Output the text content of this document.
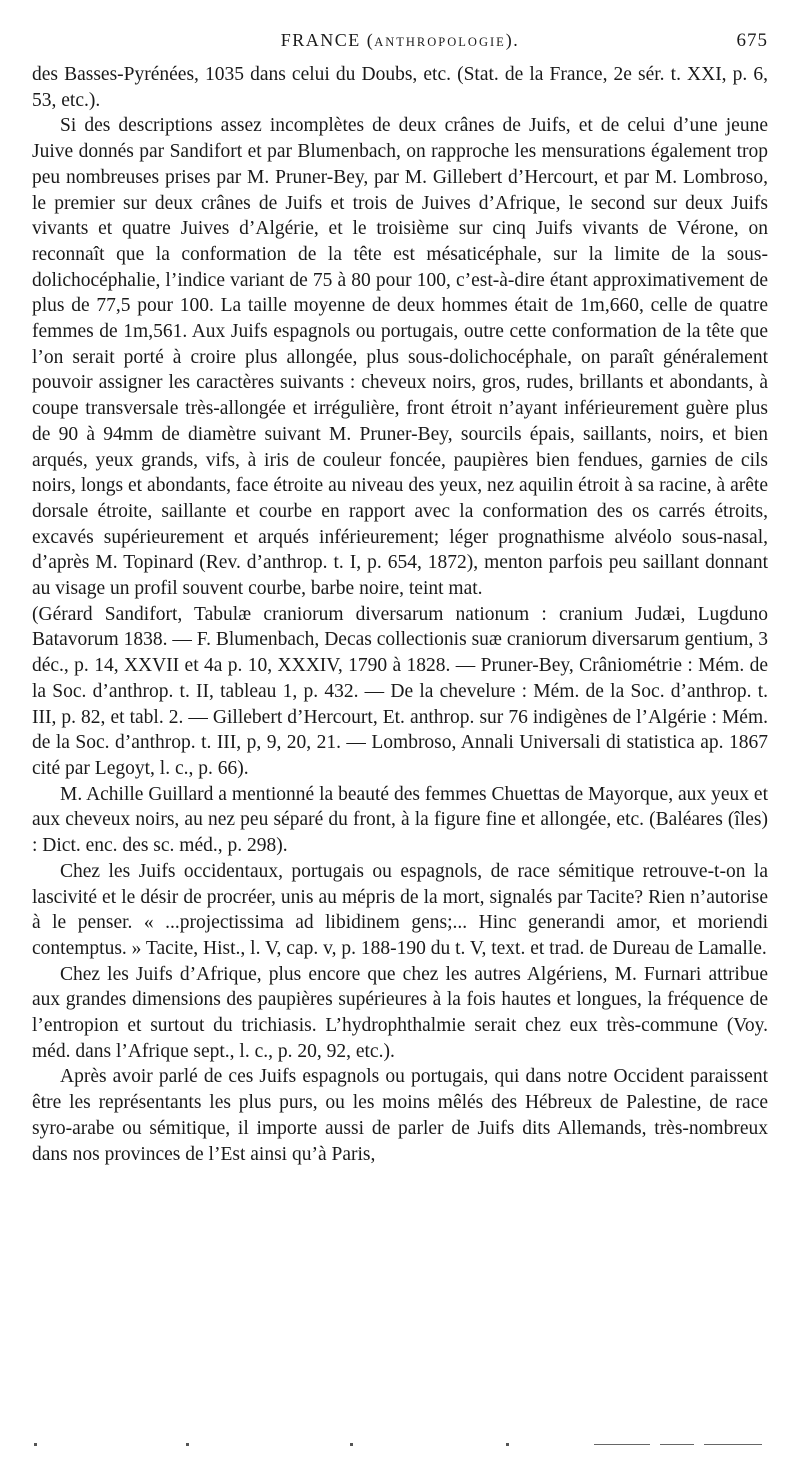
FRANCE (ANTHROPOLOGIE).	675

des Basses-Pyrénées, 1035 dans celui du Doubs, etc. (Stat. de la France, 2e sér. t. XXI, p. 6, 53, etc.).

Si des descriptions assez incomplètes de deux crânes de Juifs, et de celui d’une jeune Juive donnés par Sandifort et par Blumenbach, on rapproche les mensurations également trop peu nombreuses prises par M. Pruner-Bey, par M. Gillebert d’Hercourt, et par M. Lombroso, le premier sur deux crânes de Juifs et trois de Juives d’Afrique, le second sur deux Juifs vivants et quatre Juives d’Algérie, et le troisième sur cinq Juifs vivants de Vérone, on reconnaît que la conformation de la tête est mésaticéphale, sur la limite de la sous-dolichocéphalie, l’indice variant de 75 à 80 pour 100, c’est-à-dire étant approximativement de plus de 77,5 pour 100. La taille moyenne de deux hommes était de 1m,660, celle de quatre femmes de 1m,561. Aux Juifs espagnols ou portugais, outre cette conformation de la tête que l’on serait porté à croire plus allongée, plus sous-dolichocéphale, on paraît généralement pouvoir assigner les caractères suivants : cheveux noirs, gros, rudes, brillants et abondants, à coupe transversale très-allongée et irrégulière, front étroit n’ayant inférieurement guère plus de 90 à 94mm de diamètre suivant M. Pruner-Bey, sourcils épais, saillants, noirs, et bien arqués, yeux grands, vifs, à iris de couleur foncée, paupières bien fendues, garnies de cils noirs, longs et abondants, face étroite au niveau des yeux, nez aquilin étroit à sa racine, à arête dorsale étroite, saillante et courbe en rapport avec la conformation des os carrés étroits, excavés supérieurement et arqués inférieurement; léger prognathisme alvéolo sous-nasal, d’après M. Topinard (Rev. d’anthrop. t. I, p. 654, 1872), menton parfois peu saillant donnant au visage un profil souvent courbe, barbe noire, teint mat.

(Gérard Sandifort, Tabulæ craniorum diversarum nationum : cranium Judæi, Lugduno Batavorum 1838. — F. Blumenbach, Decas collectionis suæ craniorum diversarum gentium, 3 déc., p. 14, XXVII et 4a p. 10, XXXIV, 1790 à 1828. — Pruner-Bey, Crâniométrie : Mém. de la Soc. d’anthrop. t. II, tableau 1, p. 432. — De la chevelure : Mém. de la Soc. d’anthrop. t. III, p. 82, et tabl. 2. — Gillebert d’Hercourt, Et. anthrop. sur 76 indigènes de l’Algérie : Mém. de la Soc. d’anthrop. t. III, p, 9, 20, 21. — Lombroso, Annali Universali di statistica ap. 1867 cité par Legoyt, l. c., p. 66).

M. Achille Guillard a mentionné la beauté des femmes Chuettas de Mayorque, aux yeux et aux cheveux noirs, au nez peu séparé du front, à la figure fine et allongée, etc. (Baléares (îles) : Dict. enc. des sc. méd., p. 298).

Chez les Juifs occidentaux, portugais ou espagnols, de race sémitique retrouve-t-on la lascivité et le désir de procréer, unis au mépris de la mort, signalés par Tacite? Rien n’autorise à le penser. « ...projectissima ad libidinem gens;... Hinc generandi amor, et moriendi contemptus. » Tacite, Hist., l. V, cap. v, p. 188-190 du t. V, text. et trad. de Dureau de Lamalle.

Chez les Juifs d’Afrique, plus encore que chez les autres Algériens, M. Furnari attribue aux grandes dimensions des paupières supérieures à la fois hautes et longues, la fréquence de l’entropion et surtout du trichiasis. L’hydrophthalmie serait chez eux très-commune (Voy. méd. dans l’Afrique sept., l. c., p. 20, 92, etc.).

Après avoir parlé de ces Juifs espagnols ou portugais, qui dans notre Occident paraissent être les représentants les plus purs, ou les moins mêlés des Hébreux de Palestine, de race syro-arabe ou sémitique, il importe aussi de parler de Juifs dits Allemands, très-nombreux dans nos provinces de l’Est ainsi qu’à Paris,
